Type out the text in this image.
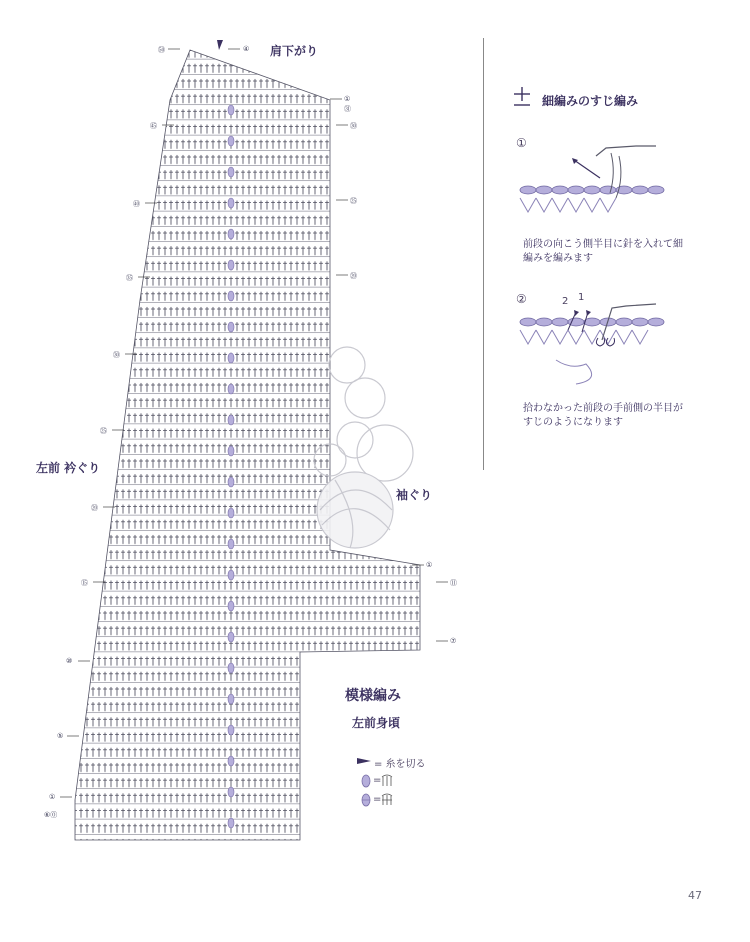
肩下がり
左前 衿ぐり
袖ぐり
模様編み
左前身頃
㊿
㊺
㊵
㉟
㉚
㉕
⑳
⑮
⑩
⑤
①
⑥⓪
④
①
㉛
㉚
㉕
⑳
①
⑪
⑦
= 糸を切る
=
=
細編みのすじ編み
①
前段の向こう側半目に針を入れて細編みを編みます
②	2 1
拾わなかった前段の手前側の半目がすじのようになります
47
